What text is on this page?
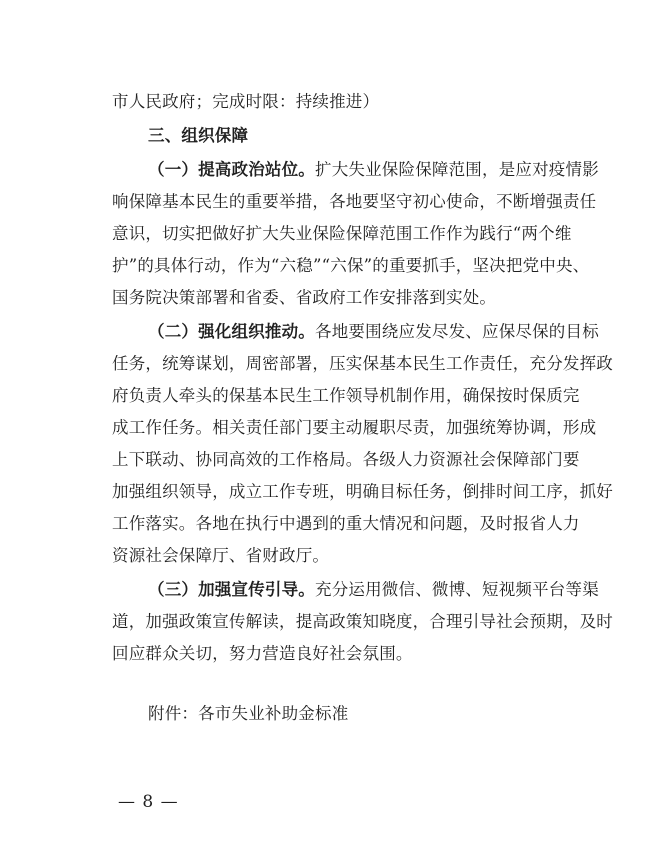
市人民政府；完成时限：持续推进）
三、组织保障
（一）提高政治站位。扩大失业保险保障范围，是应对疫情影
响保障基本民生的重要举措，各地要坚守初心使命，不断增强责任
意识，切实把做好扩大失业保险保障范围工作作为践行“两个维
护”的具体行动，作为“六稳”“六保”的重要抓手，坚决把党中央、
国务院决策部署和省委、省政府工作安排落到实处。
（二）强化组织推动。各地要围绕应发尽发、应保尽保的目标
任务，统筹谋划，周密部署，压实保基本民生工作责任，充分发挥政
府负责人牵头的保基本民生工作领导机制作用，确保按时保质完
成工作任务。相关责任部门要主动履职尽责，加强统筹协调，形成
上下联动、协同高效的工作格局。各级人力资源社会保障部门要
加强组织领导，成立工作专班，明确目标任务，倒排时间工序，抓好
工作落实。各地在执行中遇到的重大情况和问题，及时报省人力
资源社会保障厅、省财政厅。
（三）加强宣传引导。充分运用微信、微博、短视频平台等渠
道，加强政策宣传解读，提高政策知晓度，合理引导社会预期，及时
回应群众关切，努力营造良好社会氛围。
附件：各市失业补助金标准
— 8 —
